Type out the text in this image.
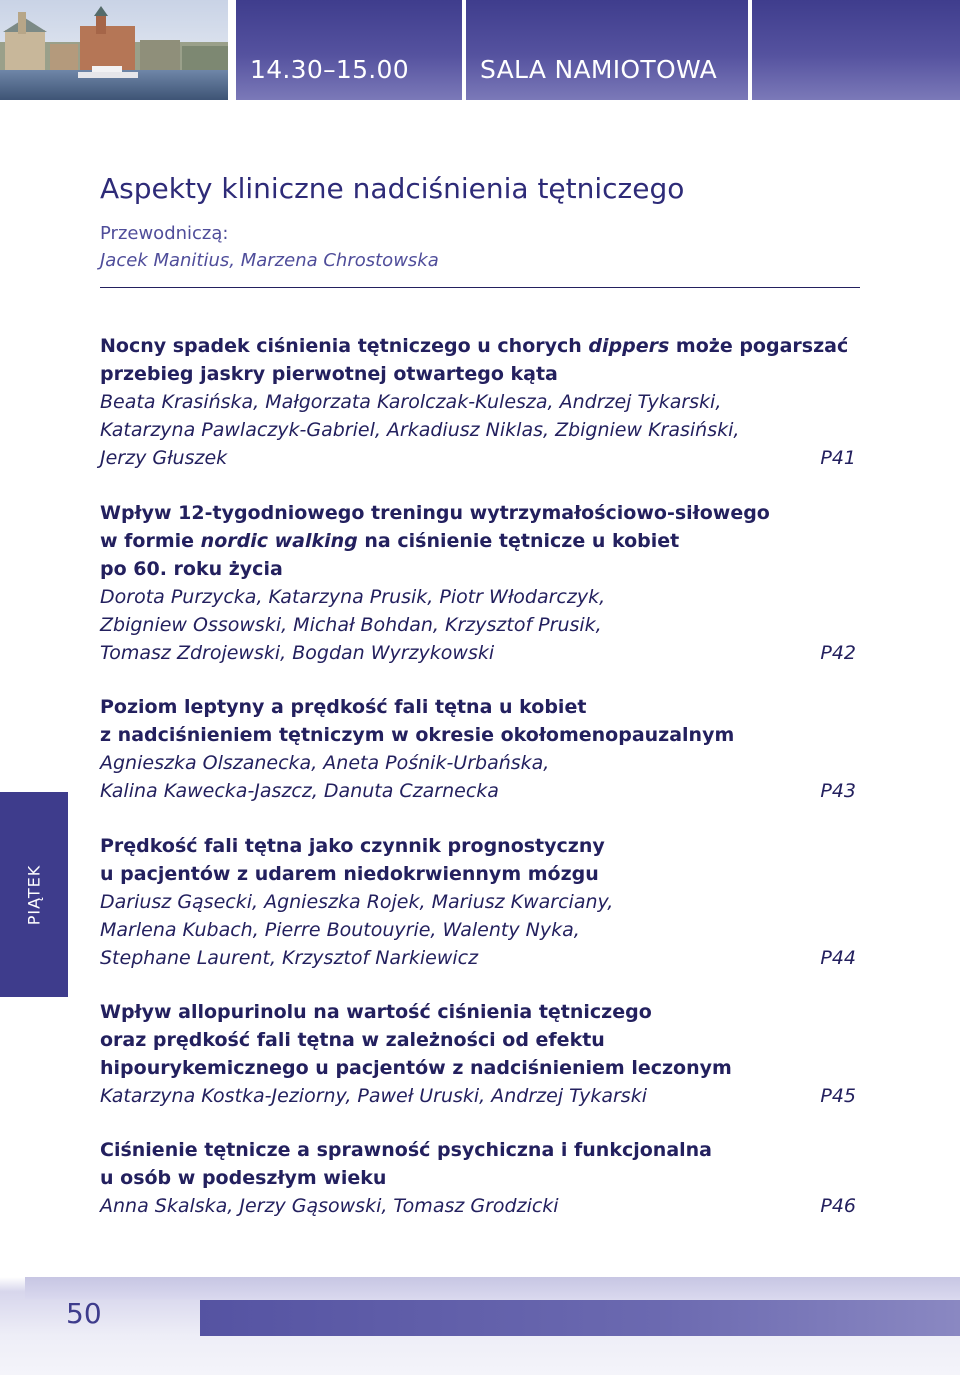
14.30–15.00	SALA NAMIOTOWA
Aspekty kliniczne nadciśnienia tętniczego
Przewodniczą:
Jacek Manitius, Marzena Chrostowska
Nocny spadek ciśnienia tętniczego u chorych dippers może pogarszać
przebieg jaskry pierwotnej otwartego kąta
Beata Krasińska, Małgorzata Karolczak-Kulesza, Andrzej Tykarski,
Katarzyna Pawlaczyk-Gabriel, Arkadiusz Niklas, Zbigniew Krasiński,
Jerzy Głuszek	P41
Wpływ 12-tygodniowego treningu wytrzymałościowo-siłowego
w formie nordic walking na ciśnienie tętnicze u kobiet
po 60. roku życia
Dorota Purzycka, Katarzyna Prusik, Piotr Włodarczyk,
Zbigniew Ossowski, Michał Bohdan, Krzysztof Prusik,
Tomasz Zdrojewski, Bogdan Wyrzykowski	P42
Poziom leptyny a prędkość fali tętna u kobiet
z nadciśnieniem tętniczym w okresie okołomenopauzalnym
Agnieszka Olszanecka, Aneta Pośnik-Urbańska,
Kalina Kawecka-Jaszcz, Danuta Czarnecka	P43
Prędkość fali tętna jako czynnik prognostyczny
u pacjentów z udarem niedokrwiennym mózgu
Dariusz Gąsecki, Agnieszka Rojek, Mariusz Kwarciany,
Marlena Kubach, Pierre Boutouyrie, Walenty Nyka,
Stephane Laurent, Krzysztof Narkiewicz	P44
Wpływ allopurinolu na wartość ciśnienia tętniczego
oraz prędkość fali tętna w zależności od efektu
hipourykemicznego u pacjentów z nadciśnieniem leczonym
Katarzyna Kostka-Jeziorny, Paweł Uruski, Andrzej Tykarski	P45
Ciśnienie tętnicze a sprawność psychiczna i funkcjonalna
u osób w podeszłym wieku
Anna Skalska, Jerzy Gąsowski, Tomasz Grodzicki	P46
PIĄTEK
50
